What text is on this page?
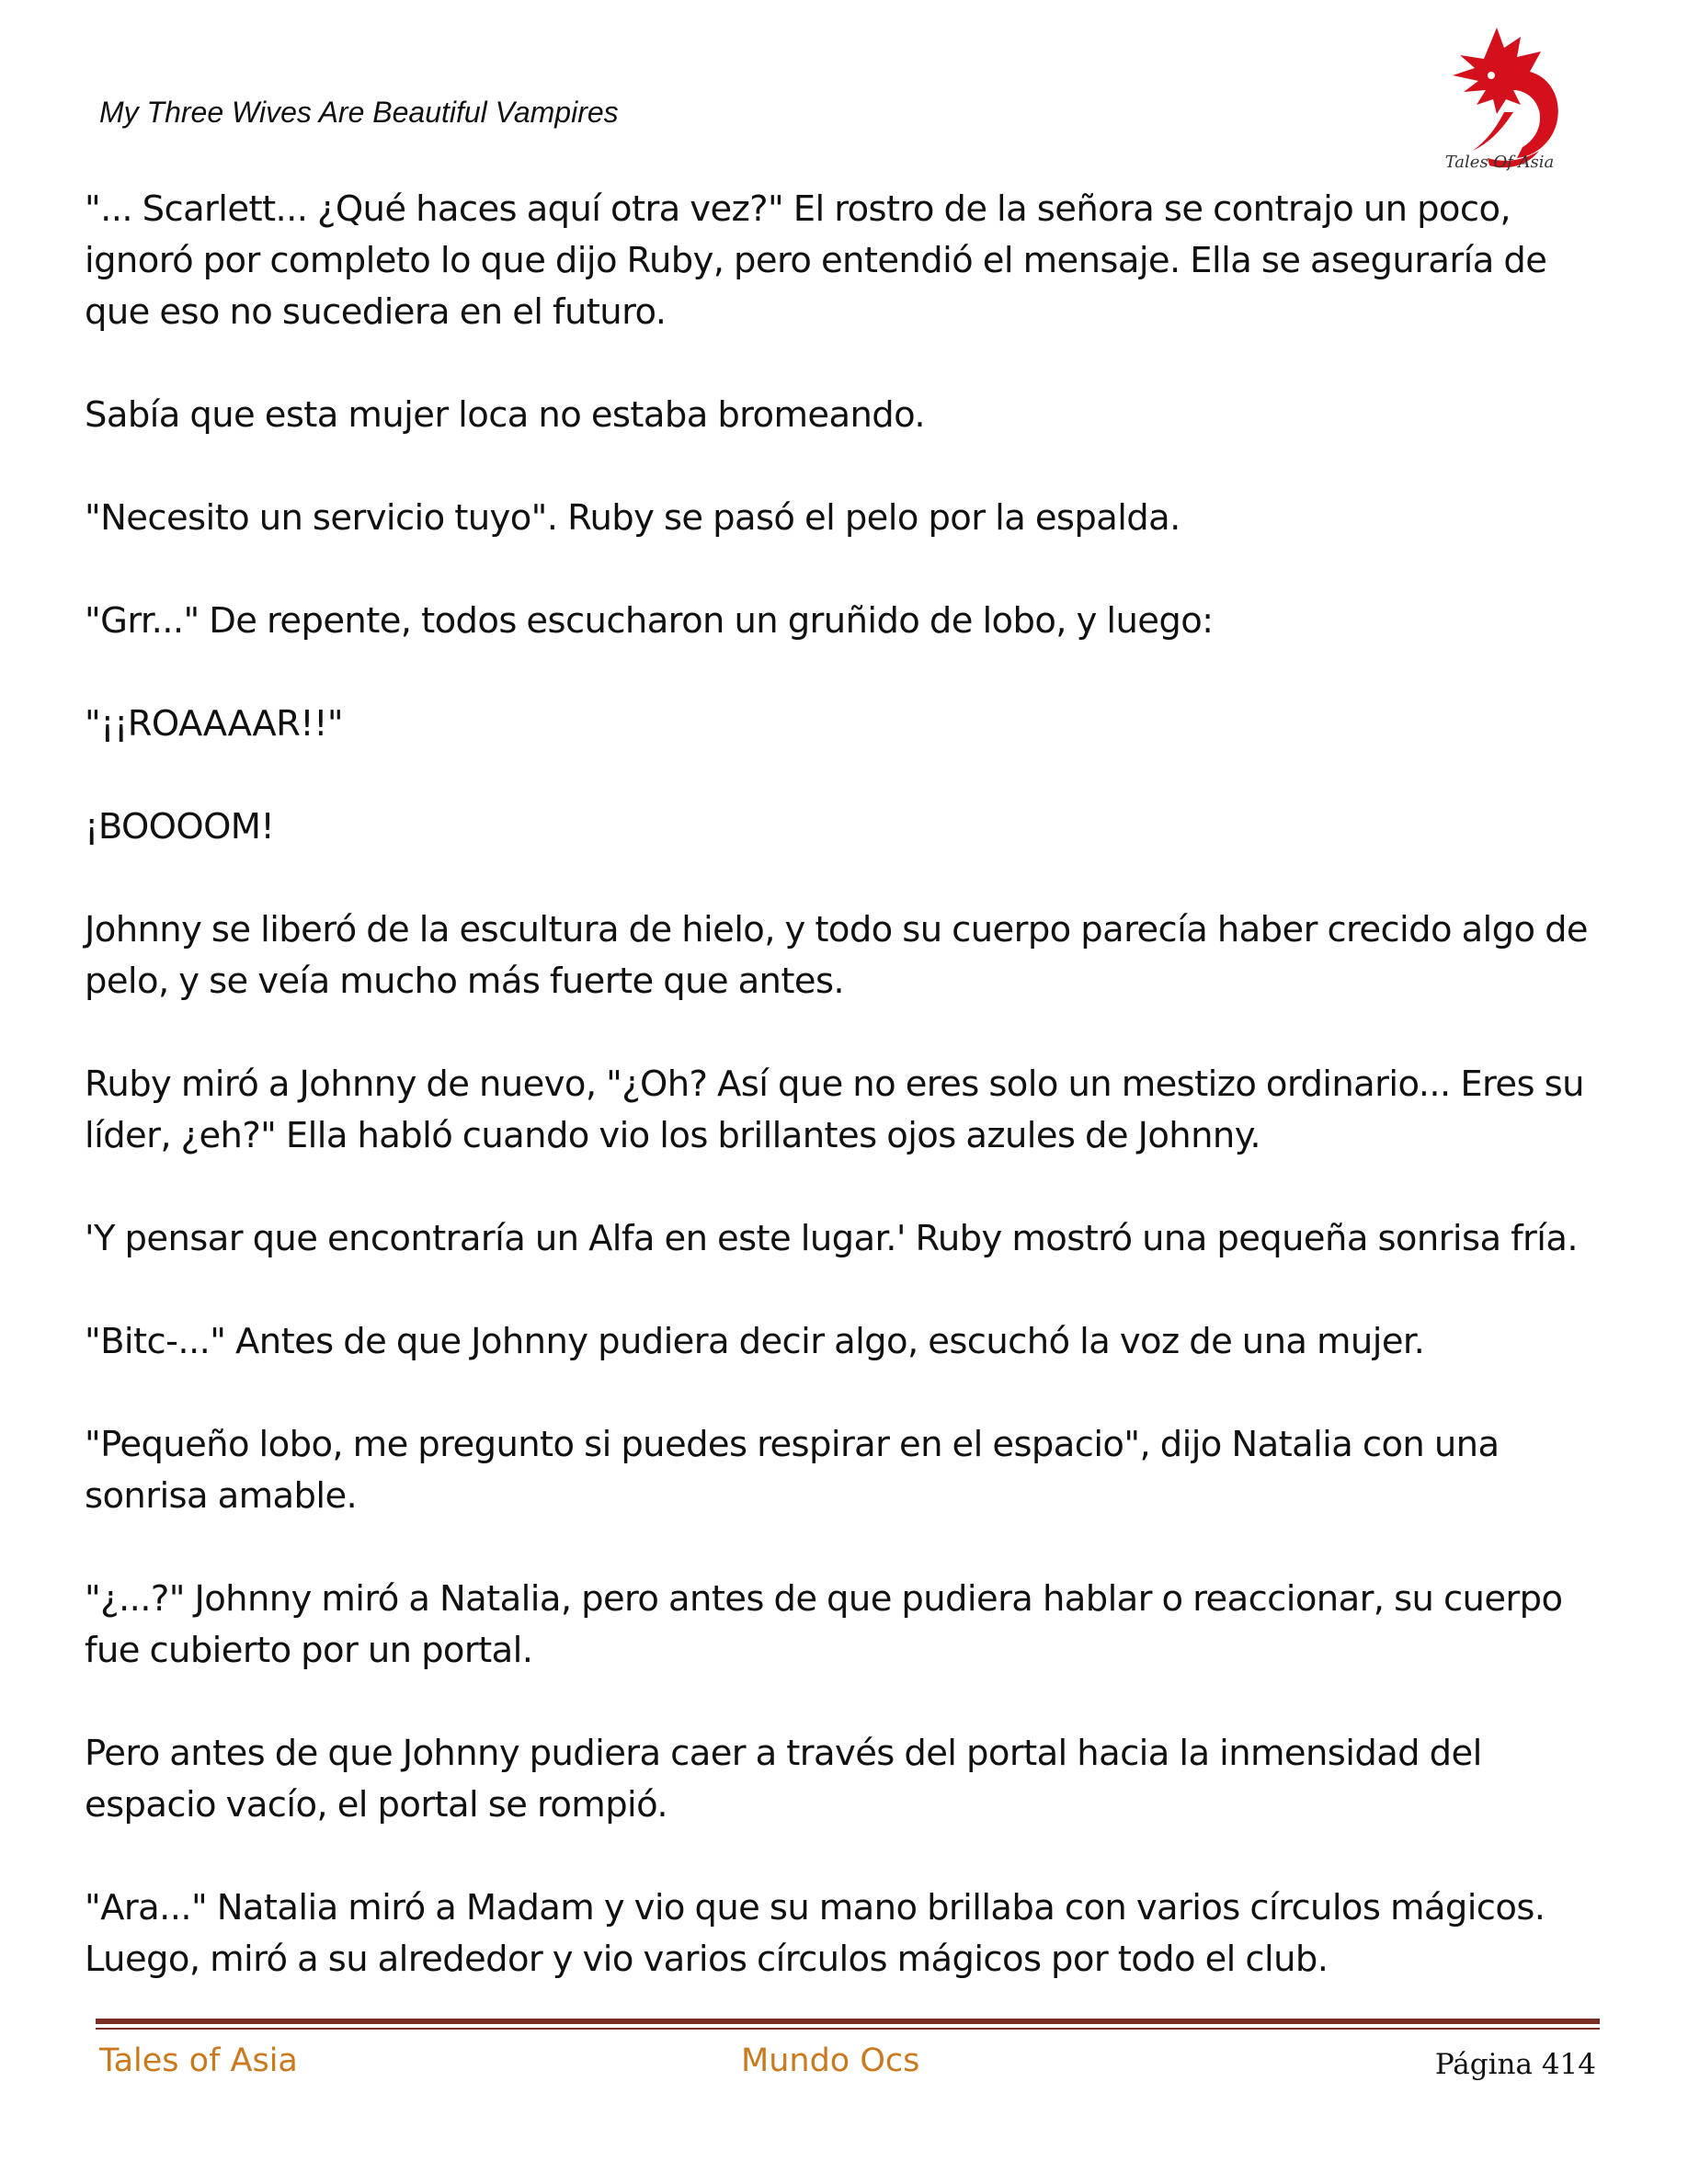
My Three Wives Are Beautiful Vampires
Tales Of Asia

"... Scarlett... ¿Qué haces aquí otra vez?" El rostro de la señora se contrajo un poco, ignoró por completo lo que dijo Ruby, pero entendió el mensaje. Ella se aseguraría de que eso no sucediera en el futuro.

Sabía que esta mujer loca no estaba bromeando.

"Necesito un servicio tuyo". Ruby se pasó el pelo por la espalda.

"Grr..." De repente, todos escucharon un gruñido de lobo, y luego:

"¡¡ROAAAAR!!"

¡BOOOOM!

Johnny se liberó de la escultura de hielo, y todo su cuerpo parecía haber crecido algo de pelo, y se veía mucho más fuerte que antes.

Ruby miró a Johnny de nuevo, "¿Oh? Así que no eres solo un mestizo ordinario... Eres su líder, ¿eh?" Ella habló cuando vio los brillantes ojos azules de Johnny.

'Y pensar que encontraría un Alfa en este lugar.' Ruby mostró una pequeña sonrisa fría.

"Bitc-..." Antes de que Johnny pudiera decir algo, escuchó la voz de una mujer.

"Pequeño lobo, me pregunto si puedes respirar en el espacio", dijo Natalia con una sonrisa amable.

"¿...?" Johnny miró a Natalia, pero antes de que pudiera hablar o reaccionar, su cuerpo fue cubierto por un portal.

Pero antes de que Johnny pudiera caer a través del portal hacia la inmensidad del espacio vacío, el portal se rompió.

"Ara..." Natalia miró a Madam y vio que su mano brillaba con varios círculos mágicos. Luego, miró a su alrededor y vio varios círculos mágicos por todo el club.

Tales of Asia	Mundo Ocs	Página 414
